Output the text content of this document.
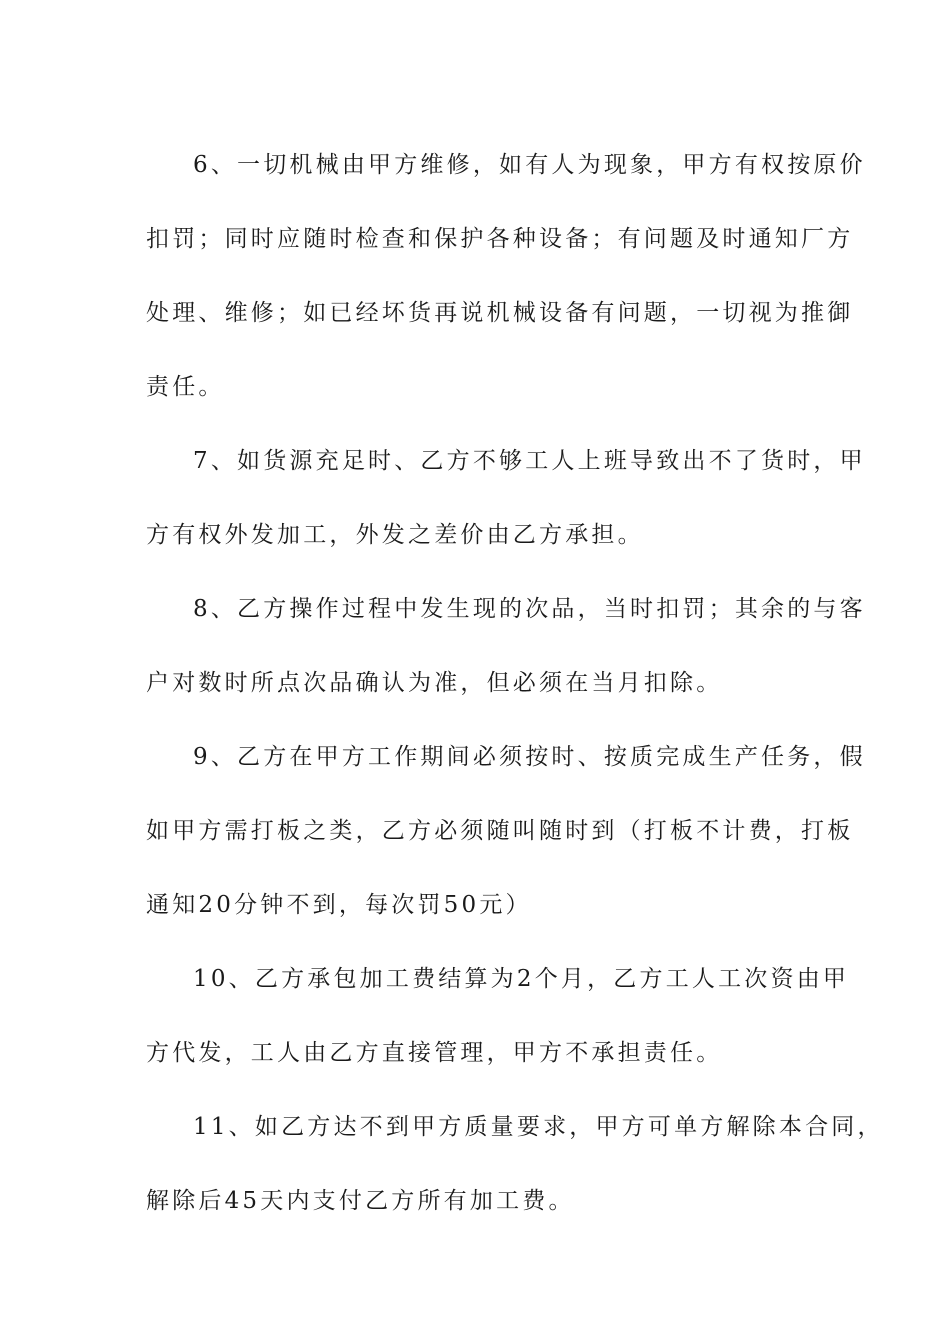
6、一切机械由甲方维修，如有人为现象，甲方有权按原价
扣罚；同时应随时检查和保护各种设备；有问题及时通知厂方
处理、维修；如已经坏货再说机械设备有问题，一切视为推御
责任。

7、如货源充足时、乙方不够工人上班导致出不了货时，甲
方有权外发加工，外发之差价由乙方承担。

8、乙方操作过程中发生现的次品，当时扣罚；其余的与客
户对数时所点次品确认为准，但必须在当月扣除。

9、乙方在甲方工作期间必须按时、按质完成生产任务，假
如甲方需打板之类，乙方必须随叫随时到（打板不计费，打板
通知20分钟不到，每次罚50元）

10、乙方承包加工费结算为2个月，乙方工人工次资由甲
方代发，工人由乙方直接管理，甲方不承担责任。

11、如乙方达不到甲方质量要求，甲方可单方解除本合同，
解除后45天内支付乙方所有加工费。
